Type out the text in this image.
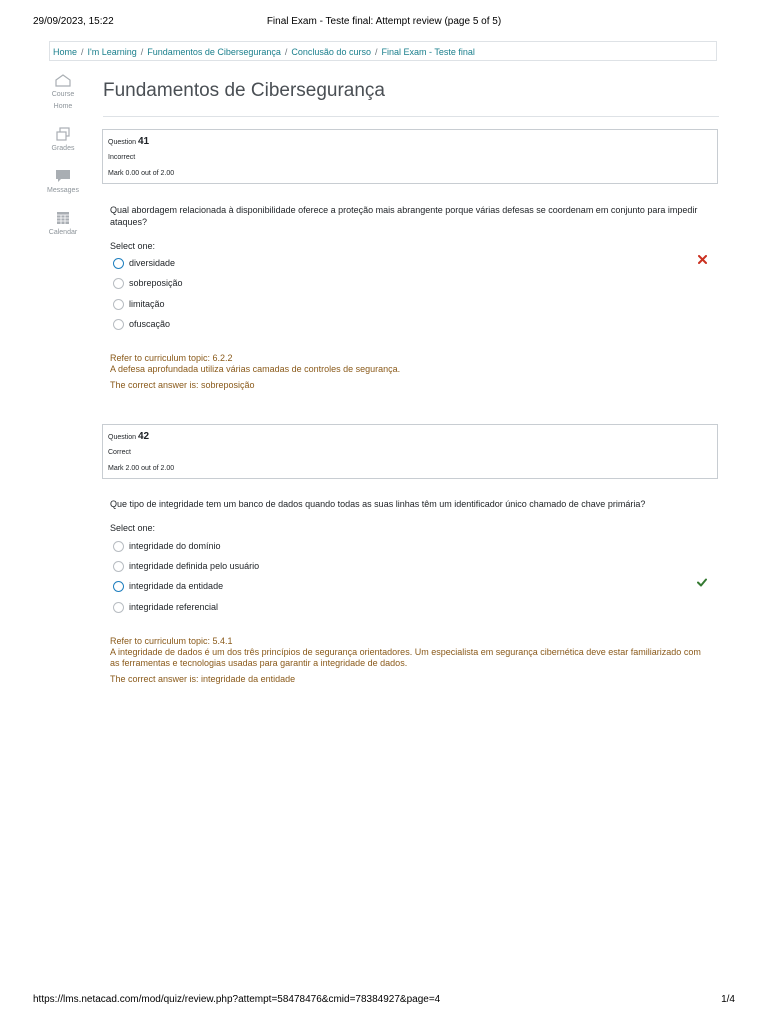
29/09/2023, 15:22	Final Exam - Teste final: Attempt review (page 5 of 5)
Home / I'm Learning / Fundamentos de Cibersegurança / Conclusão do curso / Final Exam - Teste final
Course Home
Grades
Messages
Calendar
Fundamentos de Cibersegurança
Question 41
Incorrect
Mark 0.00 out of 2.00
Qual abordagem relacionada à disponibilidade oferece a proteção mais abrangente porque várias defesas se coordenam em conjunto para impedir ataques?
Select one:
diversidade
sobreposição
limitação
ofuscação
Refer to curriculum topic: 6.2.2
A defesa aprofundada utiliza várias camadas de controles de segurança.
The correct answer is: sobreposição
Question 42
Correct
Mark 2.00 out of 2.00
Que tipo de integridade tem um banco de dados quando todas as suas linhas têm um identificador único chamado de chave primária?
Select one:
integridade do domínio
integridade definida pelo usuário
integridade da entidade
integridade referencial
Refer to curriculum topic: 5.4.1
A integridade de dados é um dos três princípios de segurança orientadores. Um especialista em segurança cibernética deve estar familiarizado com as ferramentas e tecnologias usadas para garantir a integridade de dados.
The correct answer is: integridade da entidade
https://lms.netacad.com/mod/quiz/review.php?attempt=58478476&cmid=78384927&page=4	1/4
